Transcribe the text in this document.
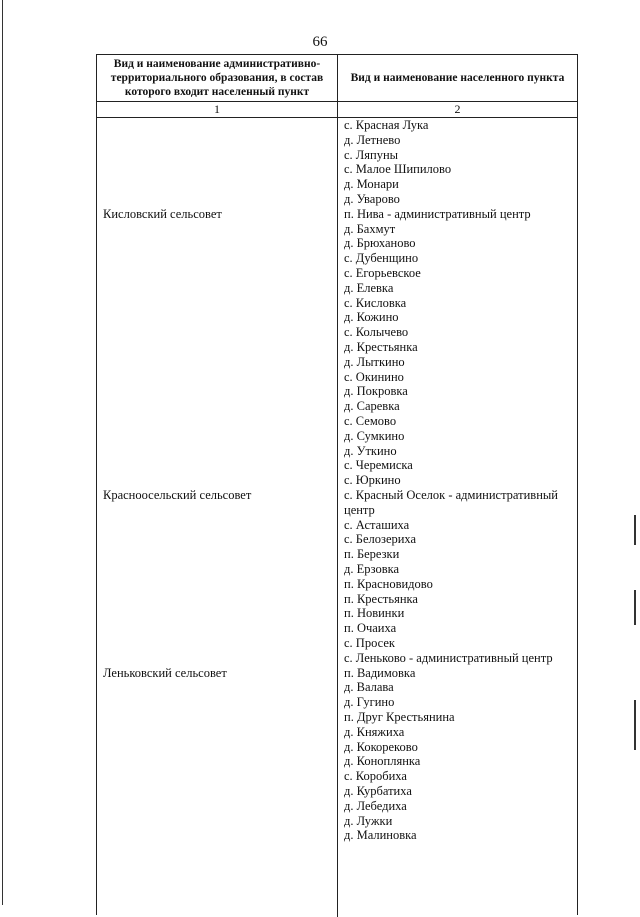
66
Вид и наименование административно-территориального образования, в состав которого входит населенный пункт
Вид и наименование населенного пункта
1	2
с. Красная Лука
д. Летнево
с. Ляпуны
с. Малое Шипилово
д. Монари
д. Уварово
п. Нива - административный центр
д. Бахмут
д. Брюханово
с. Дубенщино
с. Егорьевское
д. Елевка
с. Кисловка
д. Кожино
с. Колычево
д. Крестьянка
д. Лыткино
с. Окинино
д. Покровка
д. Саревка
с. Семово
д. Сумкино
д. Уткино
с. Черемиска
с. Юркино
с. Красный Оселок - административный центр
с. Асташиха
с. Белозериха
п. Березки
д. Ерзовка
п. Красновидово
п. Крестьянка
п. Новинки
п. Очаиха
с. Просек
с. Леньково - административный центр
п. Вадимовка
д. Валава
д. Гугино
п. Друг Крестьянина
д. Княжиха
д. Кокореково
д. Коноплянка
с. Коробиха
д. Курбатиха
д. Лебедиха
д. Лужки
д. Малиновка
Кисловский сельсовет
Красноосельский сельсовет
Леньковский сельсовет
